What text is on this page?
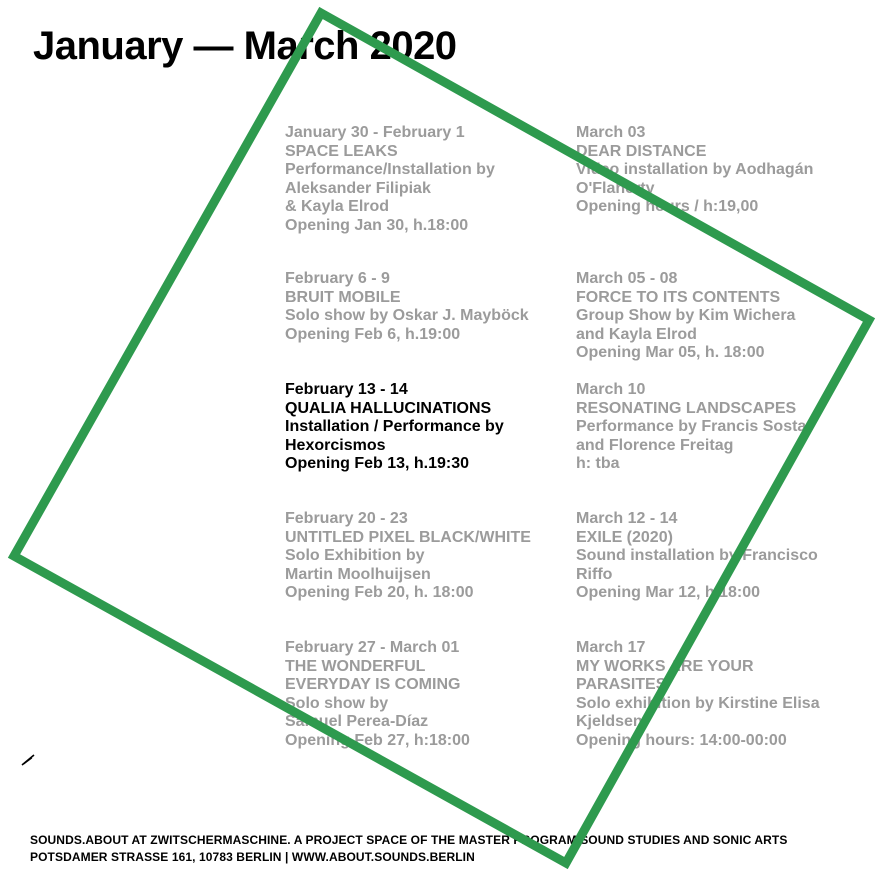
January — March 2020
January 30 - February 1
SPACE LEAKS
Performance/Installation by
Aleksander Filipiak
& Kayla Elrod
Opening Jan 30, h.18:00
February 6 - 9
BRUIT MOBILE
Solo show by Oskar J. Mayböck
Opening Feb 6, h.19:00
February 13 - 14
QUALIA HALLUCINATIONS
Installation / Performance by
Hexorcismos
Opening Feb 13, h.19:30
February 20 - 23
UNTITLED PIXEL BLACK/WHITE
Solo Exhibition by
Martin Moolhuijsen
Opening Feb 20, h. 18:00
February 27 - March 01
THE WONDERFUL
EVERYDAY IS COMING
Solo show by
Samuel Perea-Díaz
Opening Feb 27, h:18:00
March 03
DEAR DISTANCE
Video installation by Aodhagán
O'Flaherty
Opening hours / h:19,00
March 05 - 08
FORCE TO ITS CONTENTS
Group Show by Kim Wichera
and Kayla Elrod
Opening Mar 05, h. 18:00
March 10
RESONATING LANDSCAPES
Performance by Francis Sosta
and Florence Freitag
h: tba
March 12 - 14
EXILE (2020)
Sound installation by Francisco
Riffo
Opening Mar 12, h 18:00
March 17
MY WORKS ARE YOUR
PARASITES
Solo exhibition by Kirstine Elisa
Kjeldsen
Opening hours: 14:00-00:00
SOUNDS.ABOUT AT ZWITSCHERMASCHINE. A PROJECT SPACE OF THE MASTER PROGRAM SOUND STUDIES AND SONIC ARTS
POTSDAMER STRASSE 161, 10783 BERLIN | WWW.ABOUT.SOUNDS.BERLIN
